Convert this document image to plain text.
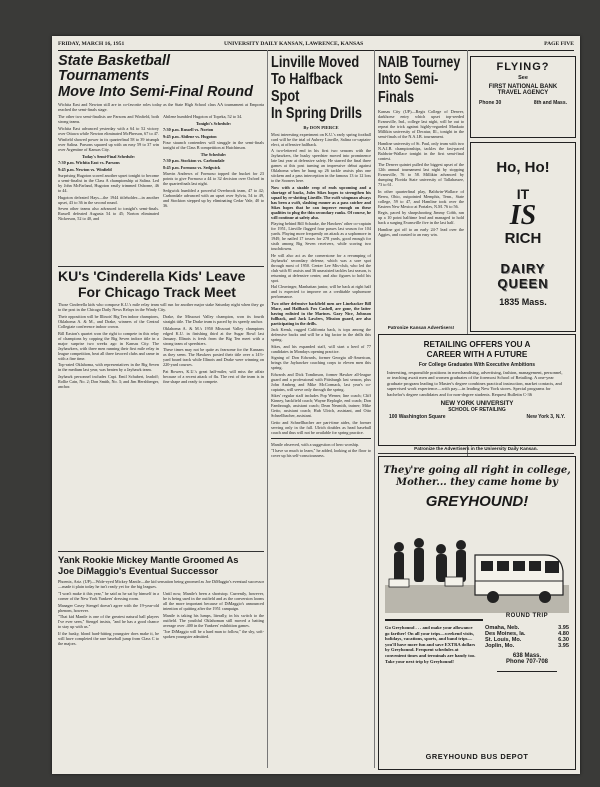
FRIDAY, MARCH 16, 1951	UNIVERSITY DAILY KANSAN, LAWRENCE, KANSAS	PAGE FIVE

State Basketball Tournaments

Move Into Semi-Final Round

Wichita East and Newton still are in co-favorite roles today as the State High School class AA tournament at Emporia reached the semi-finals stage.

The other two semi-finalists are Parsons and Winfield, both strong teams.

Wichita East advanced yesterday with a 64 to 52 victory over Ottawa while Newton eliminated McPherson, 67 to 47.

Winfield showed power in its quarterfinal 58 to 39 triumph over Salina. Parsons squared up with an easy 59 to 37 win over Argentine of Kansas City.

Today's Semi-Final Schedule:

7:30 p.m. Wichita East vs. Parsons

9:45 p.m. Newton vs. Winfield

Surprising Hugoton scored another upset tonight to become a semi-finalist in the Class A championship at Salina. Led by John McFarland, Hugoton easily trimmed Osborne, 46 to 44.

Hugoton defeated Hays—the 1944 titleholder—in another upset, 43 to 36 in the second round.

Seven other teams also advanced to tonight's semi-finals. Russell defeated Augusta 54 to 45; Norton eliminated Nickerson, 52 to 40, and

Abilene humbled Hugoton of Topeka, 52 to 34.

Tonight's Schedule:

7:30 p.m. Russell vs. Norton

9:45 p.m. Abilene vs. Hugoton

Four staunch contenders will struggle in the semi-finals tonight of the Class B competition at Hutchinson.

The Schedule:

7:30 p.m. Stockton vs. Carbondale

8:45 p.m. Formoso vs. Sedgwick

Marvin Andrews of Formoso topped the bucket for 23 points to give Formoso a 44 to 32 decision over Oxford in the quarterfinals last night.

Sedgwick humbled a powerful Overbrook team, 47 to 42; Carbondale advanced with an upset over Sylvia, 54 to 49, and Stockton stepped up by eliminating Cedar Vale, 40 to 36.

KU's 'Cinderella Kids' Leave

For Chicago Track Meet

Those Cinderella kids who compose K.U.'s mile relay team will run for another major stake Saturday night when they go to the post in the Chicago Daily News Relays in the Windy City.

Their opposition will be Illinois' Big Ten indoor champions, Oklahoma A. & M., and Drake, winners of the Central Collegiate conference indoor crown.

Bill Easton's quartet won the right to compete in this relay of champions by copping the Big Seven indoor title in a major surprise two weeks ago in Kansas City. The Jayhawkers, with three men running their first mile relay in league competition, beat all three favored clubs and came in with a fine time.

Top-rated Oklahoma, with representatives in the Big Seven in the medium last year, was beaten by a Jayhawk team.

Jayhawk personnel includes Capt. Emil Schubert, leadoff; Rollie Cain, No. 2; Don Smith, No. 3; and Jim Hershberger, anchor.

Drake, the Missouri Valley champion, won its fourth straight title. The Drake team is paced by its speedy anchor.

Oklahoma A. & M.'s 1950 Missouri Valley champions edged K.U. in finishing third at the Sugar Bowl last January. Illinois is fresh from the Big Ten meet with a strong team of speedsters.

These times may not be quite as fearsome for the Kansans as they seem. The Hawkers posted their title over a 14½-yard board track while Illinois and Drake were winning on 220-yard courses.

Pat Bowers, K.U.'s great half-miler, will miss the affair because of a recent attack of flu. The rest of the team is in fine shape and ready to compete.

Yank Rookie Mickey Mantle Groomed As

Joe DiMaggio's Eventual Successor

Phoenix, Ariz. (UP)—Wide-eyed Mickey Mantle—the kid sensation being groomed as Joe DiMaggio's eventual successor—made it plain today he isn't ready yet for the big leagues.

"I won't make it this year," he said as he sat by himself in a corner of the New York Yankees' dressing room.

Manager Casey Stengel doesn't agree with the 19-year-old phenom, however.

"That kid Mantle is one of the greatest natural ball players I've ever seen," Stengel insists, "and he has a good chance to stay up with us."

If the husky, blond hard-hitting youngster does make it, he will have completed the rare baseball jump from Class C to the majors.

Until now, Mantle's been a shortstop. Currently, however, he is being used in the outfield and as the conversion looms all the more important because of DiMaggio's announced intention of quitting after the 1951 campaign.

Mantle is taking his lumps, literally, in his switch to the outfield. The youthful Oklahoman still moved a batting average over .400 in the Yankees' exhibition games.

"Joe DiMaggio will be a hard man to follow," the shy, soft-spoken youngster admitted.

Linville Moved

To Halfback Spot

In Spring Drills

By DON PIERCE

Most interesting experiment on K.U.'s early spring football card will be the trial of Aubrey Linville, Salina co-captain-elect, at offensive halfback.

A two-lettered end in his first two seasons with the Jayhawkers, the husky speedster moved into prominence late last year at defensive safety. He starred the final three games at this post turning an impressive debut against Oklahoma when he hung up 26 tackle assists plus one stickem and a pass interception in the famous 13 to 12 loss to the Sooners here.

Now with a sizable crop of ends upcoming and a shortage of backs, Jules Sikes hopes to strengthen his squad by re-slotting Linville. The swift wingman always has been a swift, slashing runner as a pass catcher and Sikes hopes that he can improve enough on these qualities to plug the thin secondary ranks. Of course, he will continue at safety also.

Playing behind Bill Schaake, the Hawkers' other co-captain for 1951, Linville flagged four passes last season for 104 yards. Playing more frequently on attack as a sophomore in 1949, he nailed 17 tosses for 278 yards, good enough for sixth among Big Seven receivers, while scoring two touchdowns.

He will also act as the cornerstone for a revamping of Jayhawks' secondary defense, which was a sore spot through most of 1950. Center Lee Mis-club, who led the club with 81 assists and 36 unassisted tackles last season, is returning at defensive center, and also figures to hold his spot.

Hal Cleavinger, Manhattan junior, will be back at right half and is expected to improve on a creditable sophomore performance.

Two other defensive backfield men are Linebacker Bill Mace, and Halfback Fox Cashell, are gone, the latter having enlisted in the Marines. Gary Nice, Johnson fullback, and Jack Lawlers, Mission guard, are also participating in the drills.

Jack Kensk, rugged California back, is tops among the defensive backs and will be a big factor in the drills this spring.

Sikes, and his expanded staff, will start a herd of 77 candidates in Mondays opening practice.

Signing of Don Edwards, former Georgia all-American, brings the Jayhawker coaching corps to eleven men this spring.

Edwards and Dick Tomlinson, former Hawker all-league guard and a professional with Pittsburgh last season, plus John Amberg and Mike McCormack, last year's co-captains, will serve only through the spring.

Sikes' regular staff includes Pop Werner, line coach; Cliff Kinney, backfield coach; Wayne Replogle, end coach; Don Fambrough, assistant coach; Dean Nesmith, trainer; Mike Getto, assistant coach; Hub Ulrich, assistant, and Otto Schnellbacher, assistant.

Getto and Schnellbacher are part-time aides, the former serving only in the fall. Ulrich doubles as head baseball coach and thus will not be available for spring practice.

Mantle observed, with a suggestion of hero worship.

"I have so much to learn," he added, looking at the floor to cover up his self-consciousness.

NAIB Tourney

Into Semi-Finals

Kansas City (UP)—Regis College of Denver, darkhorse entry which upset top-seeded Evansville, Ind., college last night, will be out to repeat the trick against highly-regarded Mankato Millikin university of Decatur, Ill., tonight in the semi-finals of the N.A.I.B. tournament.

Hamline university of St. Paul, only team with two N.A.I.B. championships, tackles the fast-paced Baldwin-Wallace tonight in the first semi-final contest.

The Denver quintet pulled the biggest upset of the 12th annual tournament last night by stopping Evansville, 76 to 58. Millikin advanced by dumping Florida State university of Tallahassee, 73 to 61.

In other quarterfinal play, Baldwin-Wallace of Berea, Ohio, outpointed Memphis, Tenn., State college, 59 to 47, and Hamline took over the Eastern New Mexico at Portales, N.M. 76 to 56.

Regis, paced by sharpshooting Jimmy Cobb, ran up a 10 point halftime lead and managed to hold back a surging Evansville five in the last half.

Hamline got off to an early 24-7 lead over the Aggies, and coasted to an easy win.

Patronize Kansan Advertisers!

FLYING?
See
FIRST NATIONAL BANK
TRAVEL AGENCY
Phone 30	8th and Mass.
Ho, Ho!
IT
IS
RICH
DAIRY
QUEEN
1835 Mass.
RETAILING OFFERS YOU A
CAREER WITH A FUTURE
For College Graduates With Executive Ambitions
Interesting, responsible positions in merchandising, advertising, fashion, management, personnel, or teaching await men and women graduates of the foremost School of Retailing. A one-year graduate program leading to Master's degree combines practical instruction, market contacts, and supervised work experience—with pay—in leading New York stores. Special programs for bachelor's degree candidates and for non-degree students. Request Bulletin C-36
NEW YORK UNIVERSITY
SCHOOL OF RETAILING
100 Washington Square	New York 3, N.Y.
Patronize the Advertisers in the University Daily Kansan.
They're going all right in college,
Mother... they came home by
GREYHOUND!
Go Greyhound . . . and make your allowance go farther! On all your trips—weekend visits, holidays, vacations, sports, and band trips—you'll have more fun and save EXTRA dollars by Greyhound. Frequent schedules at convenient times and terminals are handy too. Take your next trip by Greyhound!
ROUND TRIP
Omaha, Neb.	3.95
Des Moines, Ia.	4.80
St. Louis, Mo.	6.30
Joplin, Mo.	3.95
638 Mass.
Phone 707-708
GREYHOUND BUS DEPOT
